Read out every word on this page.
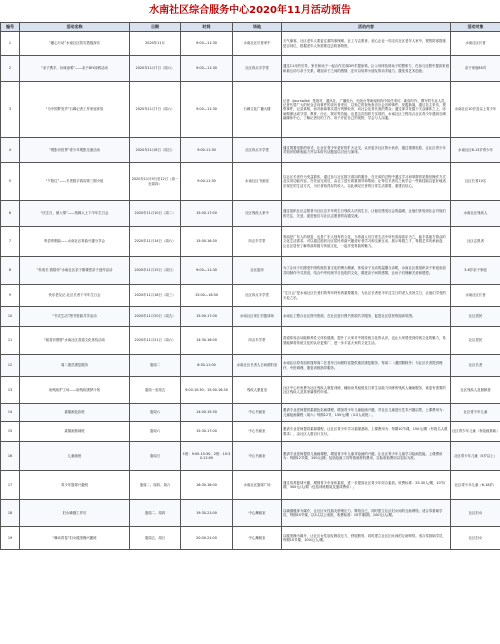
水南社区综合服务中心2020年11月活动预告
编号	活动名称	日期	时间	场地	活动内容	活动对象
1	“趣心行动”水南社区防灾措施探访	2020年11月	9:00—11:30	水南社区长者家中	天气渐寒，社区老年人要更注重防寒保暖，社工与志愿者、爱心企业一同走访社区老年人家中，观察防寒措施是否到位，根据老年人所需要送去防寒物资。	水南社区长者
2	“亲子携手，玩味涂鸦”——亲子DIY涂鸦活动	2020年11月7日（周六）	9:00—11:30	社区四点半学堂	通过11月的引导，家长和孩子一起合作完成DIY手提涂鸦，让父母体验到孩子的想象力，在参与过程中提高家庭和谐互动与亲子关系，增加亲子之间的感情，还可以培养小朋友的动手能力、激发其艺术创意。	亲子家庭85对
3	“为中国梦发声”石碣记者工作家庭体验	2020年11月7日（周六）	9:00—11:30	石碣文化广播大楼	记者（Journalist）是指对，通讯社、广播电台、电视台等新闻机构中担任采访、新闻写作、撰写的专业人员。记者代替广大的民众去向事件的亲历者采访，以独立的视角查访社会各种事件、发掘新闻，通过自主采访，观察事件，记录真相，而对新闻事实进行判断取舍，向社会及其代表的票众；通过探寻发掘于天众媒体之上，协助做保达成守望、教育、沙让、娱乐等功能，也是这次组织方实现的，水南社区工程结合社区青少年遇到石碣融媒体中心，了解记者们的工作，用于开拓自己的视野，学会与人沟通。	水南社区10岁及以上青少年
4	“观影识世界”青少年观影交流活动	2020年11月8日（周日）	9:00-11:30	社区四点半学堂	通过观看电影的形式，让社区青少年更好的扩大社交，认识更多社区的小伙伴，通过观看电影，让社区青少年对知识的吸收能力并以本时代话题加以讨论与演绎。	水南社区6-13岁青少年
5	“夕阳红”——长者数字鸿沟第三期小组	2020年11月9日至12日（周一至周四）	9:00-11:30	水南社区书画室	以社区长者作为受益群体，通过参与社区数字鸿沟的服务，在完成的过程中通过学习和掌握常见微信操作方式及实用功能内容，在作品完成后，由社工进行着重指导和帮助，让每位长者们之间学会一些新技能以更好地适应现在的生活方式，为长者取得存钓收入，以此满足长者的日常生活需要，重建自信心。	社区长者10名
6	“庆生日，倾入情”——残障人士下半年生日会	2020年11月10日（周二）	15:00-17:00	社区残疾人家中	通过组织社区志愿者为社区这半年的生日残疾人庆祝生日，让他们感受社会的温暖，让他们体验到社会对他们的关注、关爱，促进他们与社区志愿者的沟通交流。	水南社区残疾人
7	粤语粤唱曲——水南社区粤曲兴趣分享会	2020年11月14日（周六）	15:00-16:30	四点半学堂	粤曲是广东人的财富，也是广东人独有的文化，当粤曲人们日常生活中所有喜闻喜乐为之，能丰富地方群众的文化生活需求，可以通过组织社区居民粤曲兴趣爱好者学习和交流互动、展示粤剧之才，粤剧艺术传承而奋，让社区居民了解粤曲粤剧与传统文化，一起享受粤曲的魅力。	社区志愿者
8	“你成长 我陪伴”水南社区亲子微课堂亲子创作活动	2020年11月15日（周日）	9:00—11:30	社区厨房	为了让孩子们感受中国传统饮食文化的博大精深，体验亲子互动的温馨与亲昵，水南社区将组织亲子家庭参加共同制作中式美食，结合中华传统节日包吃的文化，增进亲子间的感情，让孩子们理解关爱和感恩。	3-6岁亲子家庭
9	快乐老友记-社区长者下半年生日会	2020年11月18日（周三）	15:00—16:30	社区四点半学堂	“生日会”是水南社区长者们的每年特有的重要服务，为社区长者里半年过生日的老人庆祝生日，让他们享受的天伦之乐。	水南社区长者
10	“书式生活”图书资源共享活动	2020年11月20日（周五）	15:00-17:00	水南社区家汇村篮球场	水南社工整合社区图书资源，在社区进行图书资源共享服务，促进社区居民的阅读氛围。	社区居民
11	“闻香识图册”水南社区香道文化体验活动	2020年11月21日（周六）	14:30-16:00	四点半学堂	香道体验活动能修养性又体验健康，提升了大家对中国传统文化的认识，也让大家感受到传统文化的魅力，希望能够将传统文化的认识更推广，进一步丰富大家的文化生活。	社区居民
12	周二惠员康复服务	逢周二	8:30-11:00	水南社区长者人日间照料室	水南社区将有组织逢每周二在老年日间照料室提供惠员康复服务，每周二（遇国假除外）为社区长者提供理疗、中医调理、康复训练指导服务。	社区长者
13	助残疾护工场——助残疾康梦计划	逢周一至周五	9:00-10:30；15:00-16:30	残疾人康复室	社区中心有免费为社区残疾人康复训练、辅助用具租借及日常生活能力训练的残疾人辅助服务，欢迎有需要的社区残疾人及其家属预约申请。	社区残疾人及照顾者
14	素描画色彩班	逢周六	14:00-15:30	中心书画室	邀请专业老师提供素描色彩画课程，增加青少年儿童绘画兴趣，对社区儿童进行艺术兴趣启蒙，上课费用为：儿童绘画课程（周六）每期12节，150元/期（3-5人成班）。	社区青少年儿童
15	素描画基础班	逢周六	15:30-17:00	中心书画室	邀请专业老师提供素描课程，让社区青少年学习素描基础，上课费用为：每期10节课，150元/期（有报名人数要求），由社区人数自行支付。	社区青少年儿童（有绘画基础）
16	儿童画班	逢周日	1班：9:00-10:30；2班：10:30-12:00	中心书画室	邀请专业老师提供儿童画课程，增加青少年儿童对绘画的兴趣，让社区青少年儿童学习绘画技能。上课费用为：每期12节课，150元/期；包括绘画工具等基础材料费用，实际收取费用以实际为准。	社区青少年儿童（5岁以上）
17	青少年篮球兴趣班	逢周二、周四、周六	16:30-18:00	水南社区篮球广场	通过培养篮球兴趣，增强青少年身体素质，进一步提高社区青少年综合素质。收费标准：25-30人/期，10节/期，300元/人/期（包括训练服装及篮球费用）。	社区青少年儿童（6-18岁）
18	妇女瑜伽工作坊	逢周二、周四	19:30-21:00	中心舞蹈室	以瑜伽健身为媒介，让社区女性朋友舒缓压力、释放自己，同时建立社区妇女间的互助网络。适合零基础学员，每期10节课，以5人以上成班，收费标准：10节课/期，100元/人/期。	社区妇女
19	“舞动青春”妇女健美操兴趣班	逢周五、周日	20:00-21:00	中心舞蹈室	以健美操为媒介，让社区女性朋友释放压力、舒展筋骨，同时建立社区妇女间的互助网络。适合零基础学员，每期10节课，100元/人/期。	社区妇女
